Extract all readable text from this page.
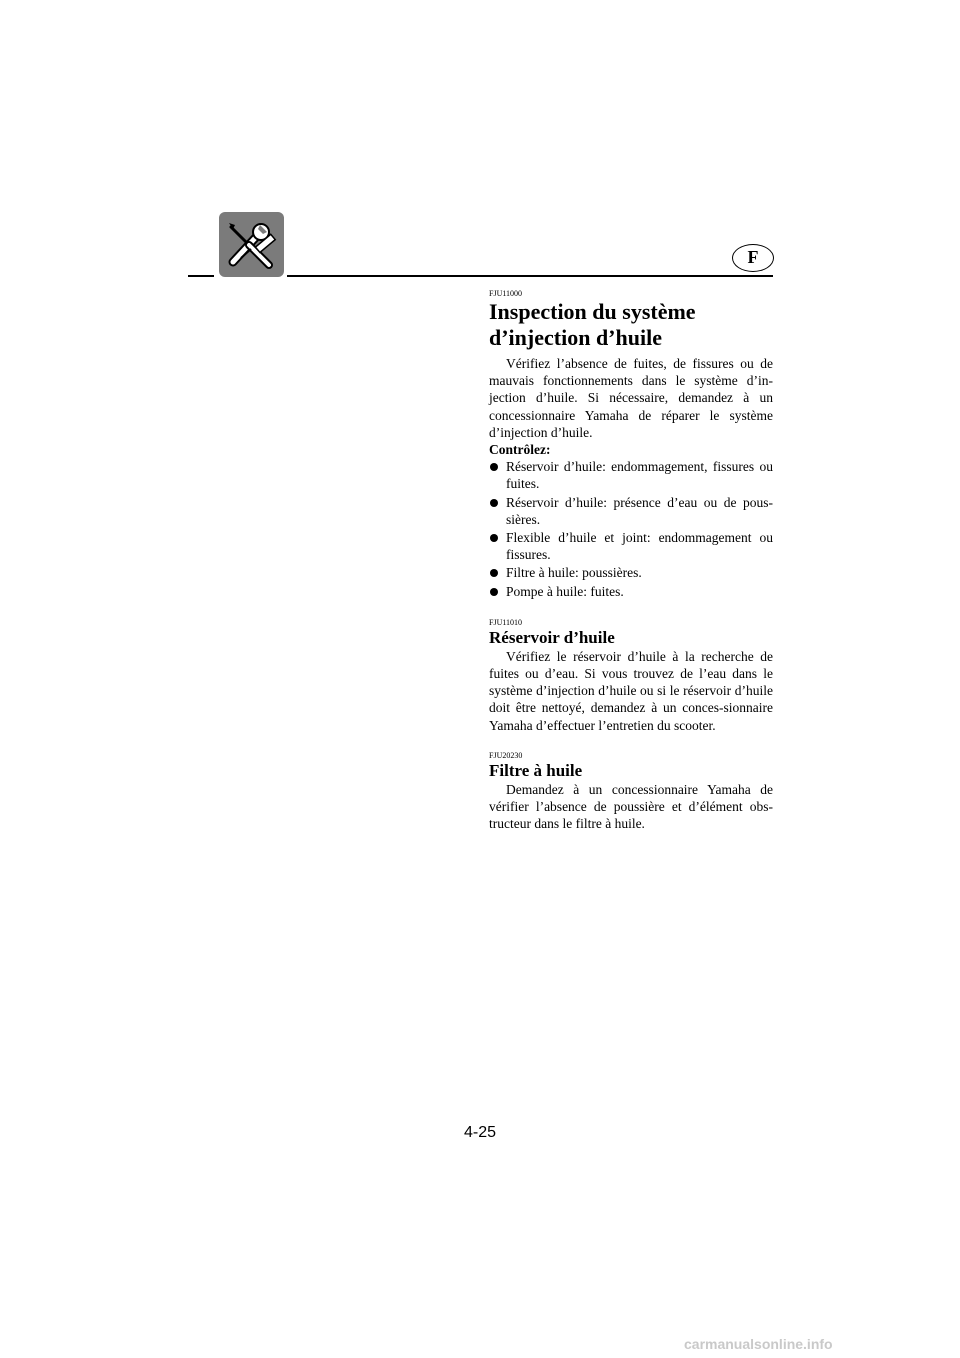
F

FJU11000

Inspection du système d’injection d’huile

Vérifiez l’absence de fuites, de fissures ou de mauvais fonctionnements dans le système d’in-jection d’huile. Si nécessaire, demandez à un concessionnaire Yamaha de réparer le système d’injection d’huile.

Contrôlez:

Réservoir d’huile: endommagement, fissures ou fuites.
Réservoir d’huile: présence d’eau ou de pous-sières.
Flexible d’huile et joint: endommagement ou fissures.
Filtre à huile: poussières.
Pompe à huile: fuites.

FJU11010

Réservoir d’huile

Vérifiez le réservoir d’huile à la recherche de fuites ou d’eau. Si vous trouvez de l’eau dans le système d’injection d’huile ou si le réservoir d’huile doit être nettoyé, demandez à un conces-sionnaire Yamaha d’effectuer l’entretien du scooter.

FJU20230

Filtre à huile

Demandez à un concessionnaire Yamaha de vérifier l’absence de poussière et d’élément obs-tructeur dans le filtre à huile.

4-25
carmanualsonline.info
